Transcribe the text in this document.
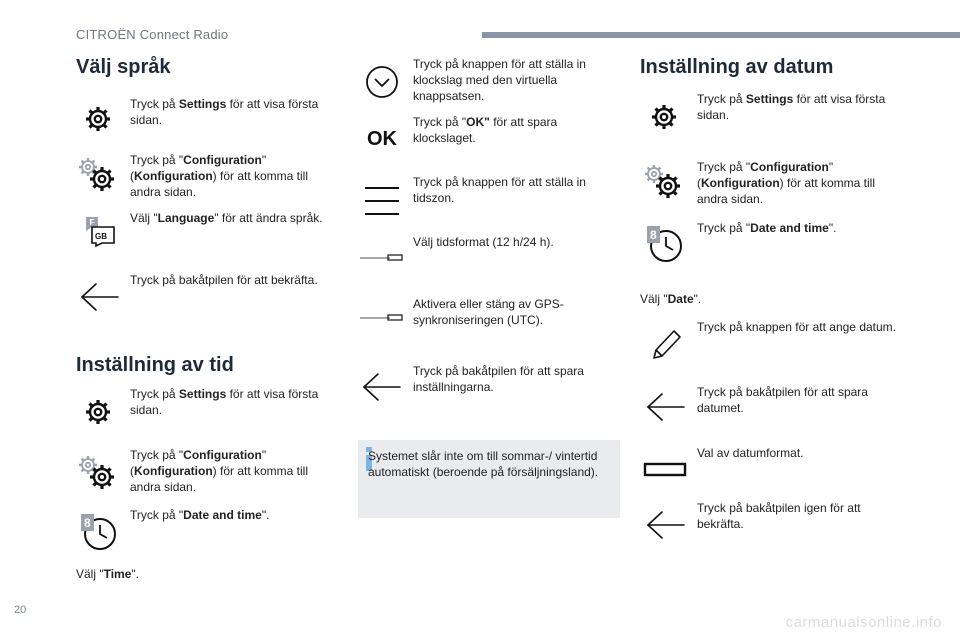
CITROËN Connect Radio
Välj språk
Tryck på Settings för att visa första sidan.
Tryck på "Configuration" (Konfiguration) för att komma till andra sidan.
F
GB
Välj "Language" för att ändra språk.
Tryck på bakåtpilen för att bekräfta.
Inställning av tid
Tryck på Settings för att visa första sidan.
Tryck på "Configuration" (Konfiguration) för att komma till andra sidan.
8
Tryck på "Date and time".
Välj "Time".
Tryck på knappen för att ställa in klockslag med den virtuella knappsatsen.
OK
Tryck på "OK" för att spara klockslaget.
Tryck på knappen för att ställa in tidszon.
Välj tidsformat (12 h/24 h).
Aktivera eller stäng av GPS-synkroniseringen (UTC).
Tryck på bakåtpilen för att spara inställningarna.
Systemet slår inte om till sommar-/ vintertid automatiskt (beroende på försäljningsland).
Inställning av datum
Tryck på Settings för att visa första sidan.
Tryck på "Configuration" (Konfiguration) för att komma till andra sidan.
8	Tryck på "Date and time".
Välj "Date".
Tryck på knappen för att ange datum.
Tryck på bakåtpilen för att spara datumet.
Val av datumformat.
Tryck på bakåtpilen igen för att bekräfta.
20
carmanualsonline.info
